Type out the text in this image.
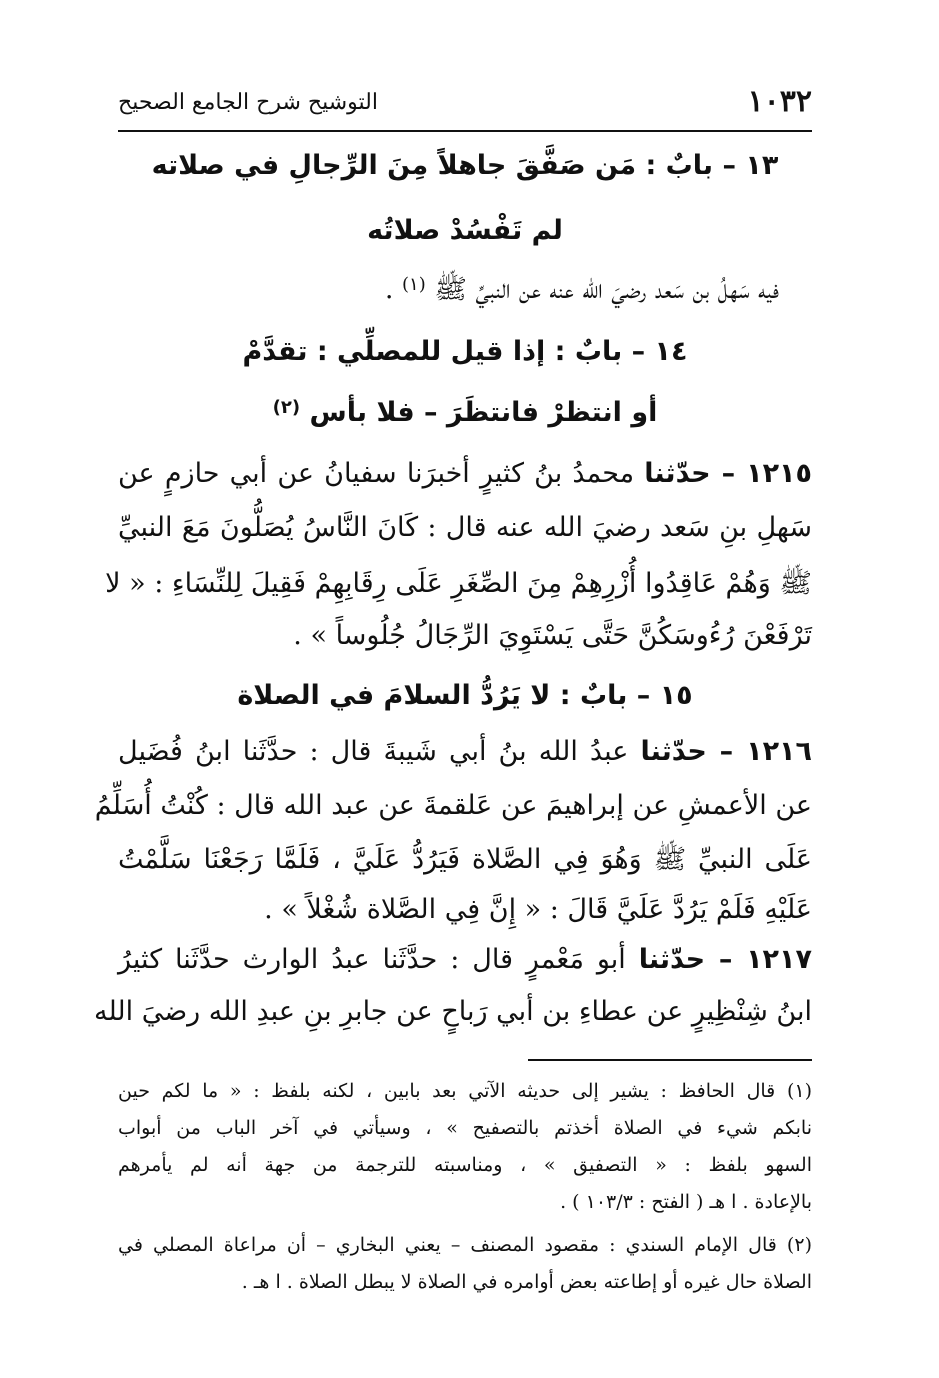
١٠٣٢
التوشيح شرح الجامع الصحيح
١٣ – بابٌ : مَن صَفَّقَ جاهلاً مِنَ الرِّجالِ في صلاته
لم تَفْسُدْ صلاتُه
فيه سَهلُ بن سَعد رضيَ الله عنه عن النبيِّ ﷺ $^{(١)}$ .
١٤ – بابٌ : إذا قيل للمصلِّي : تقدَّمْ
أو انتظرْ فانتظَرَ – فلا بأس $^{(٢)}$
١٢١٥ – حدّثنا محمدُ بنُ كثيرٍ أخبرَنا سفيانُ عن أبي حازمٍ عن
سَهلِ بنِ سَعد رضيَ الله عنه قال : كَانَ النَّاسُ يُصَلُّونَ مَعَ النبيِّ
ﷺ وَهُمْ عَاقِدُوا أُزْرِهِمْ مِنَ الصِّغَرِ عَلَى رِقَابِهِمْ فَقِيلَ لِلنِّسَاءِ : « لا
تَرْفَعْنَ رُءُوسَكُنَّ حَتَّى يَسْتَوِيَ الرِّجَالُ جُلُوساً » .
١٥ – بابٌ : لا يَرُدُّ السلامَ في الصلاة
١٢١٦ – حدّثنا عبدُ الله بنُ أبي شَيبةَ قال : حدَّثَنا ابنُ فُضَيل
عن الأعمشِ عن إبراهيمَ عن عَلقمةَ عن عبد الله قال : كُنْتُ أُسَلِّمُ
عَلَى النبيِّ ﷺ وَهُوَ فِي الصَّلاة فَيَرُدُّ عَلَيَّ ، فَلَمَّا رَجَعْنَا سَلَّمْتُ
عَلَيْهِ فَلَمْ يَرُدَّ عَلَيَّ قَالَ : « إِنَّ فِي الصَّلاة شُغْلاً » .
١٢١٧ – حدّثنا أبو مَعْمرٍ قال : حدَّثَنا عبدُ الوارث حدَّثَنا كثيرُ
ابنُ شِنْظِيرٍ عن عطاءِ بن أبي رَباحٍ عن جابرِ بنِ عبدِ الله رضيَ الله
(١) قال الحافظ : يشير إلى حديثه الآتي بعد بابين ، لكنه بلفظ : « ما لكم حين
نابكم شيء في الصلاة أخذتم بالتصفيح » ، وسيأتي في آخر الباب من أبواب
السهو بلفظ : « التصفيق » ، ومناسبته للترجمة من جهة أنه لم يأمرهم
بالإعادة . ا هـ ( الفتح : ١٠٣/٣ ) .
(٢) قال الإمام السندي : مقصود المصنف – يعني البخاري – أن مراعاة المصلي في
الصلاة حال غيره أو إطاعته بعض أوامره في الصلاة لا يبطل الصلاة . ا هـ .
